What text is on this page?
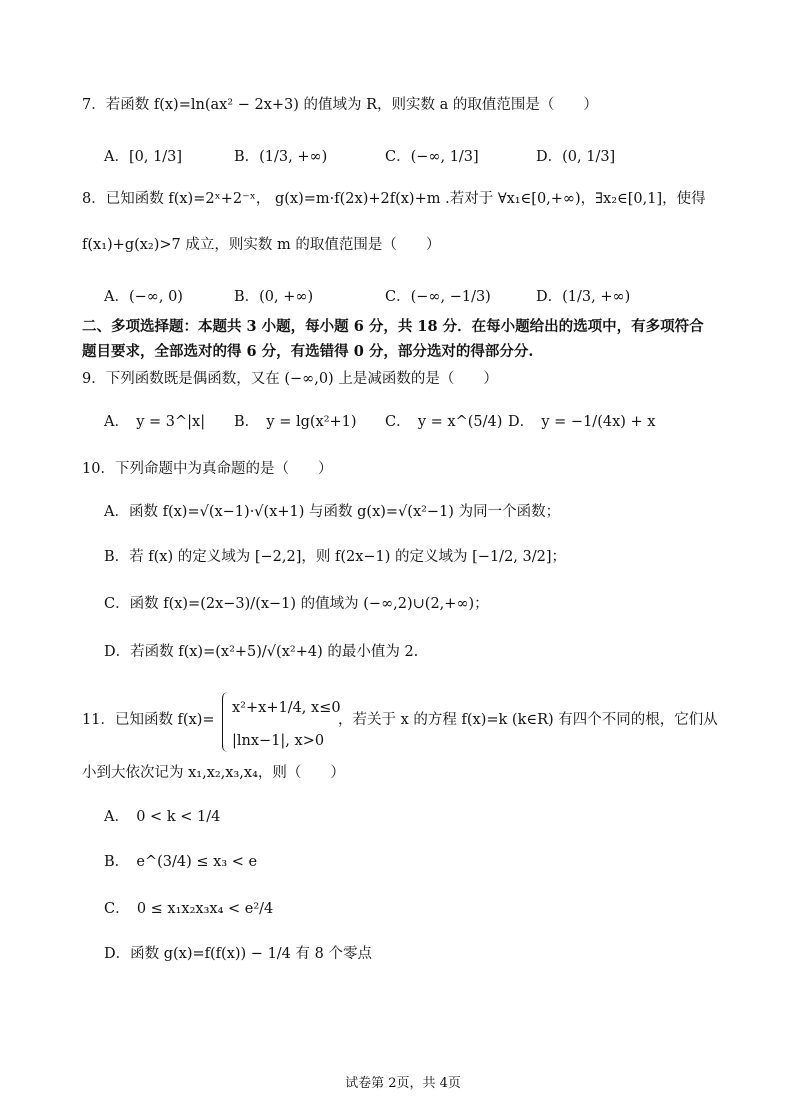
7．若函数 f(x)=ln(ax² − 2x+3) 的值域为 R，则实数 a 的取值范围是（　　）
A．[0, 1/3]	B．(1/3, +∞)	C．(−∞, 1/3]	D．(0, 1/3]
8．已知函数 f(x)=2ˣ+2⁻ˣ， g(x)=m·f(2x)+2f(x)+m .若对于 ∀x₁∈[0,+∞)，∃x₂∈[0,1]，使得
f(x₁)+g(x₂)>7 成立，则实数 m 的取值范围是（　　）
A．(−∞, 0)	B．(0, +∞)	C．(−∞, −1/3)	D．(1/3, +∞)
二、多项选择题：本题共 3 小题，每小题 6 分，共 18 分．在每小题给出的选项中，有多项符合
题目要求，全部选对的得 6 分，有选错得 0 分，部分选对的得部分分.
9．下列函数既是偶函数，又在 (−∞,0) 上是减函数的是（　　）
A．　y = 3^|x| B．　y = lg(x²+1) C．　y = x^(5/4) D．　y = −1/(4x) + x
10．下列命题中为真命题的是（　　）
A．函数 f(x)=√(x−1)·√(x+1) 与函数 g(x)=√(x²−1) 为同一个函数；
B．若 f(x) 的定义域为 [−2,2]，则 f(2x−1) 的定义域为 [−1/2, 3/2]；
C．函数 f(x)=(2x−3)/(x−1) 的值域为 (−∞,2)∪(2,+∞)；
D．若函数 f(x)=(x²+5)/√(x²+4) 的最小值为 2.
11．已知函数 f(x)=
x²+x+1/4, x≤0
|lnx−1|, x>0
，若关于 x 的方程 f(x)=k (k∈R) 有四个不同的根，它们从
小到大依次记为 x₁,x₂,x₃,x₄，则（　　）
A．　0 < k < 1/4
B．　e^(3/4) ≤ x₃ < e
C．　0 ≤ x₁x₂x₃x₄ < e²/4
D．函数 g(x)=f(f(x)) − 1/4 有 8 个零点
试卷第 2页，共 4页
